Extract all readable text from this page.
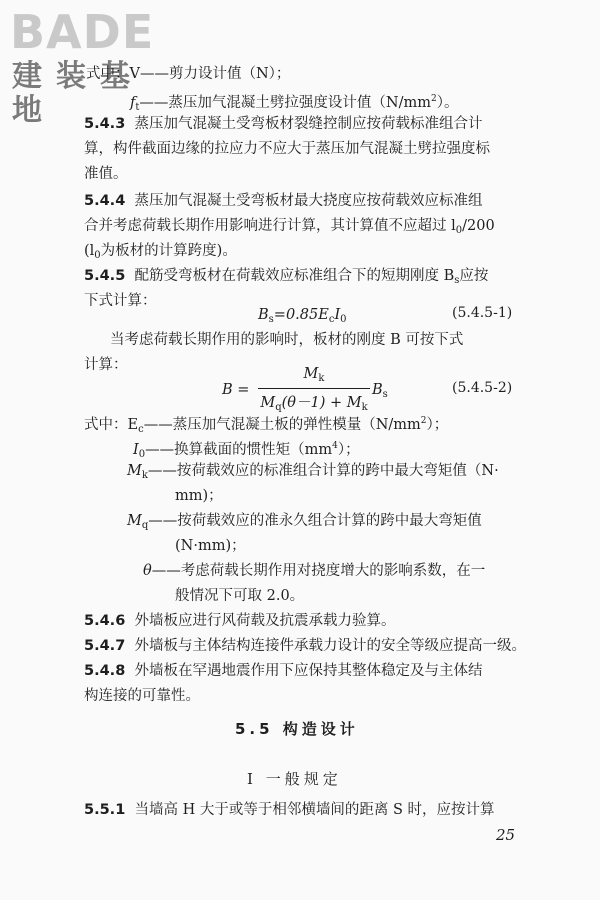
BADE
建装基地
式中：V——剪力设计值（N）；
$f_t——$蒸压加气混凝土劈拉强度设计值$(N/mm^2)$。
5.4.3 蒸压加气混凝土受弯板材裂缝控制应按荷载标准组合计
算，构件截面边缘的拉应力不应大于蒸压加气混凝土劈拉强度标
准值。
5.4.4 蒸压加气混凝土受弯板材最大挠度应按荷载效应标准组
合并考虑荷载长期作用影响进行计算，其计算值不应超过 $l_0/200$
($l_0$为板材的计算跨度)。
5.4.5 配筋受弯板材在荷载效应标准组合下的短期刚度 $B_s$应按
下式计算：
$B_s=0.85E_cI_0$	(5.4.5-1)
当考虑荷载长期作用的影响时，板材的刚度 B 可按下式
计算：
B =
$M_k$
$M_q(\theta-1) + M_k$
$B_s$	(5.4.5-2)
式中：$E_c——$蒸压加气混凝土板的弹性模量$(N/mm^2)$；
$I_0——$换算截面的惯性矩$(mm^4)$；
$M_k——$按荷载效应的标准组合计算的跨中最大弯矩值（N·
mm)；
$M_q——$按荷载效应的准永久组合计算的跨中最大弯矩值
(N·mm)；
θ——考虑荷载长期作用对挠度增大的影响系数，在一
般情况下可取 2.0。
5.4.6 外墙板应进行风荷载及抗震承载力验算。
5.4.7 外墙板与主体结构连接件承载力设计的安全等级应提高一级。
5.4.8 外墙板在罕遇地震作用下应保持其整体稳定及与主体结
构连接的可靠性。
5.5 构造设计
Ⅰ 一般规定
5.5.1 当墙高 H 大于或等于相邻横墙间的距离 S 时，应按计算
25
